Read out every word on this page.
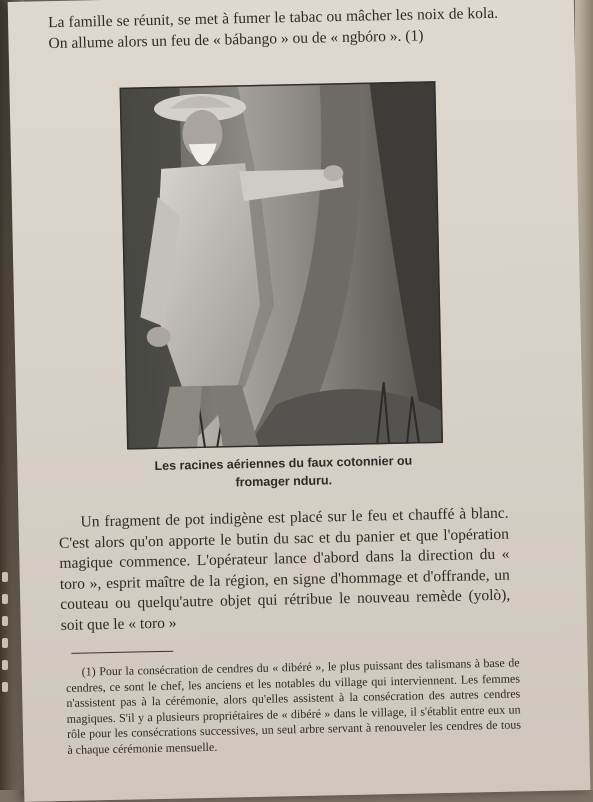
La famille se réunit, se met à fumer le tabac ou mâcher les noix de kola. On allume alors un feu de « bábango » ou de « ngbóro ». (1)

Les racines aériennes du faux cotonnier ou
fromager nduru.

Un fragment de pot indigène est placé sur le feu et chauffé à blanc. C'est alors qu'on apporte le butin du sac et du panier et que l'opération magique commence. L'opérateur lance d'abord dans la direction du « toro », esprit maître de la région, en signe d'hommage et d'offrande, un couteau ou quelqu'autre objet qui rétribue le nouveau remède (yolò), soit que le « toro »

(1) Pour la consécration de cendres du « dibéré », le plus puissant des talismans à base de cendres, ce sont le chef, les anciens et les notables du village qui interviennent. Les femmes n'assistent pas à la cérémonie, alors qu'elles assistent à la consécration des autres cendres magiques. S'il y a plusieurs propriétaires de « dibéré » dans le village, il s'établit entre eux un rôle pour les consécrations successives, un seul arbre servant à renouveler les cendres de tous à chaque cérémonie mensuelle.
